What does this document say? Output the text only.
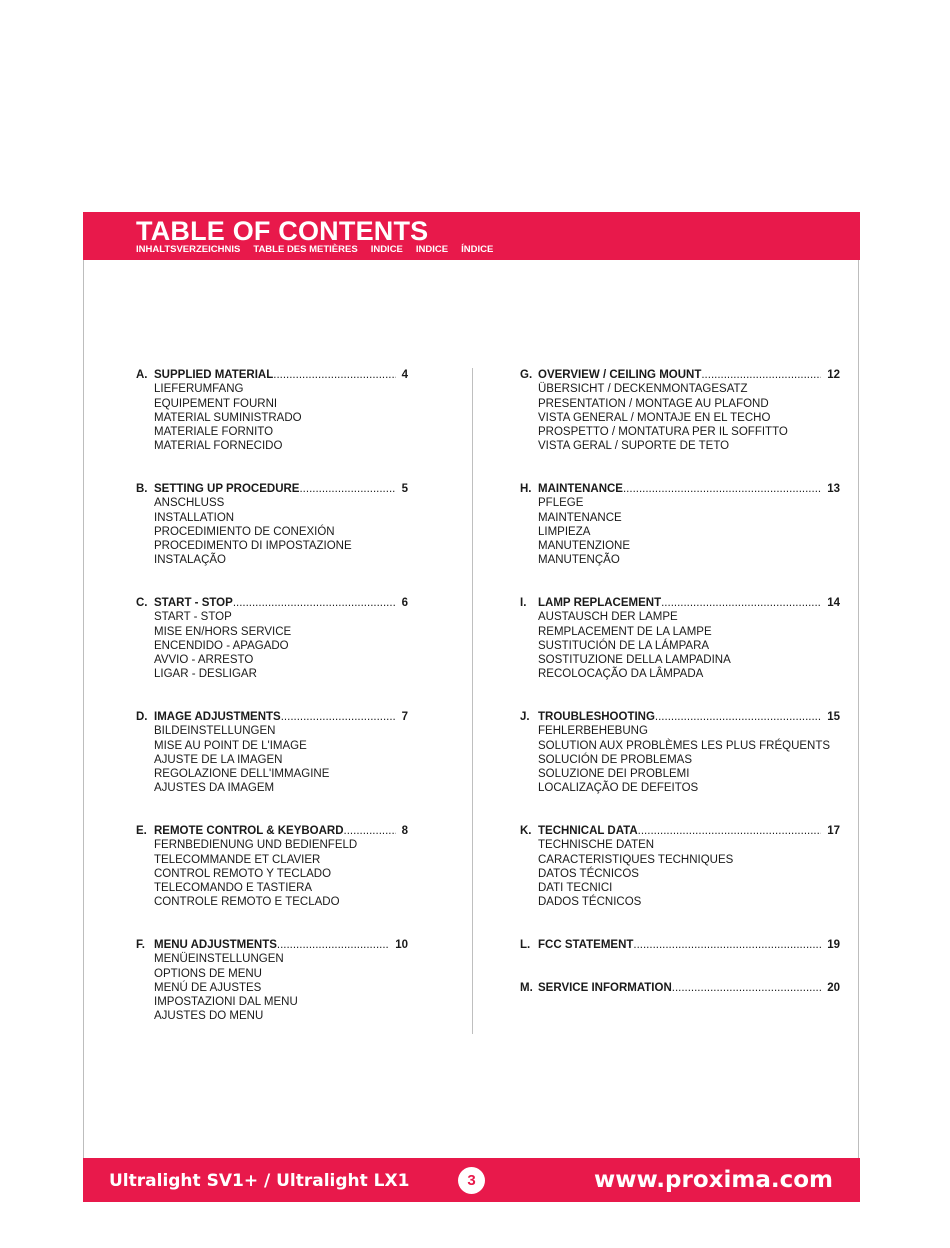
TABLE OF CONTENTS
INHALTSVERZEICHNIS TABLE DES METIÈRES INDICE INDICE ÍNDICE
A. SUPPLIED MATERIAL .....	4
LIEFERUMFANG
EQUIPEMENT FOURNI
MATERIAL SUMINISTRADO
MATERIALE FORNITO
MATERIAL FORNECIDO
B. SETTING UP PROCEDURE .....	5
ANSCHLUSS
INSTALLATION
PROCEDIMIENTO DE CONEXIÓN
PROCEDIMENTO DI IMPOSTAZIONE
INSTALAÇÃO
C. START - STOP .....	6
START - STOP
MISE EN/HORS SERVICE
ENCENDIDO - APAGADO
AVVIO - ARRESTO
LIGAR - DESLIGAR
D. IMAGE ADJUSTMENTS .....	7
BILDEINSTELLUNGEN
MISE AU POINT DE L'IMAGE
AJUSTE DE LA IMAGEN
REGOLAZIONE DELL'IMMAGINE
AJUSTES DA IMAGEM
E. REMOTE CONTROL & KEYBOARD .....	8
FERNBEDIENUNG UND BEDIENFELD
TELECOMMANDE ET CLAVIER
CONTROL REMOTO Y TECLADO
TELECOMANDO E TASTIERA
CONTROLE REMOTO E TECLADO
F. MENU ADJUSTMENTS .....	10
MENÜEINSTELLUNGEN
OPTIONS DE MENU
MENÚ DE AJUSTES
IMPOSTAZIONI DAL MENU
AJUSTES DO MENU
G. OVERVIEW / CEILING MOUNT .....	12
ÜBERSICHT / DECKENMONTAGESATZ
PRESENTATION / MONTAGE AU PLAFOND
VISTA GENERAL / MONTAJE EN EL TECHO
PROSPETTO / MONTATURA PER IL SOFFITTO
VISTA GERAL / SUPORTE DE TETO
H. MAINTENANCE .....	13
PFLEGE
MAINTENANCE
LIMPIEZA
MANUTENZIONE
MANUTENÇÃO
I.	LAMP REPLACEMENT .....	14
AUSTAUSCH DER LAMPE
REMPLACEMENT DE LA LAMPE
SUSTITUCIÓN DE LA LÁMPARA
SOSTITUZIONE DELLA LAMPADINA
RECOLOCAÇÃO DA LÂMPADA
J. TROUBLESHOOTING .....	15
FEHLERBEHEBUNG
SOLUTION AUX PROBLÈMES LES PLUS FRÉQUENTS
SOLUCIÓN DE PROBLEMAS
SOLUZIONE DEI PROBLEMI
LOCALIZAÇÃO DE DEFEITOS
K. TECHNICAL DATA .....	17
TECHNISCHE DATEN
CARACTERISTIQUES TECHNIQUES
DATOS TÉCNICOS
DATI TECNICI
DADOS TÉCNICOS
L. FCC STATEMENT .....	19
M. SERVICE INFORMATION .....	20
Ultralight SV1+ / Ultralight LX1	3	www.proxima.com
